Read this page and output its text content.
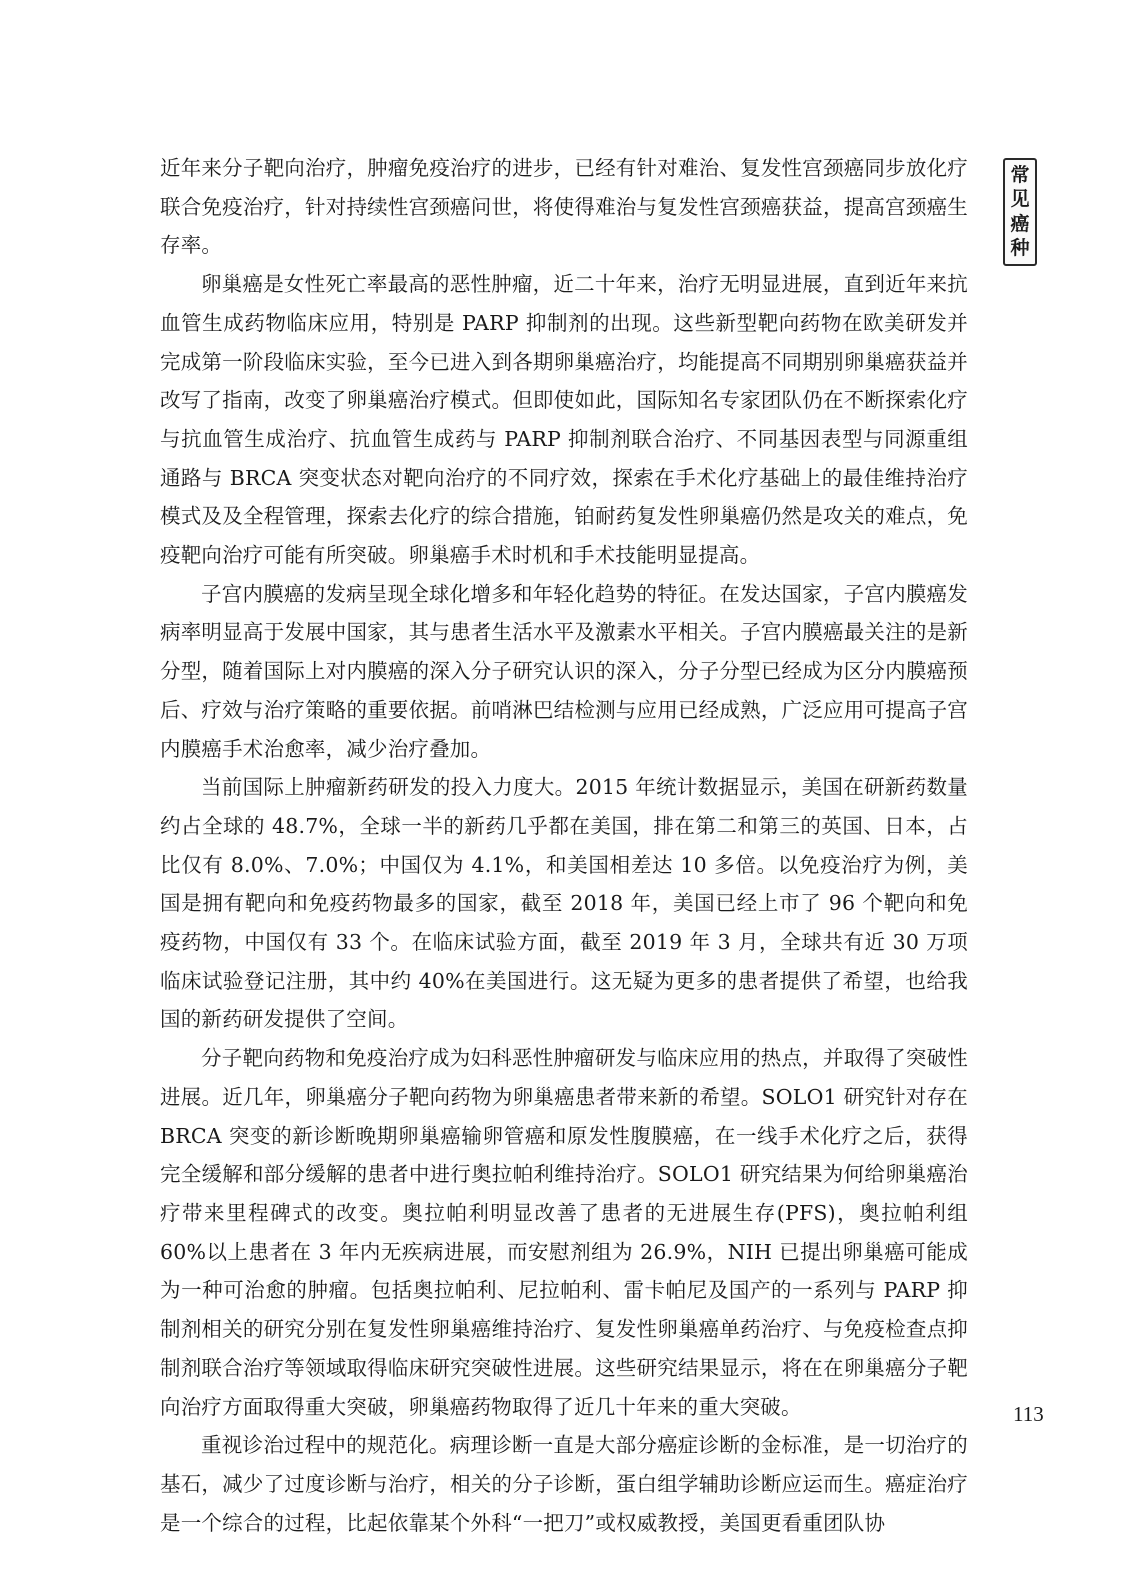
近年来分子靶向治疗，肿瘤免疫治疗的进步，已经有针对难治、复发性宫颈癌同步放化疗联合免疫治疗，针对持续性宫颈癌问世，将使得难治与复发性宫颈癌获益，提高宫颈癌生存率。

卵巢癌是女性死亡率最高的恶性肿瘤，近二十年来，治疗无明显进展，直到近年来抗血管生成药物临床应用，特别是 PARP 抑制剂的出现。这些新型靶向药物在欧美研发并完成第一阶段临床实验，至今已进入到各期卵巢癌治疗，均能提高不同期别卵巢癌获益并改写了指南，改变了卵巢癌治疗模式。但即使如此，国际知名专家团队仍在不断探索化疗与抗血管生成治疗、抗血管生成药与 PARP 抑制剂联合治疗、不同基因表型与同源重组通路与 BRCA 突变状态对靶向治疗的不同疗效，探索在手术化疗基础上的最佳维持治疗模式及及全程管理，探索去化疗的综合措施，铂耐药复发性卵巢癌仍然是攻关的难点，免疫靶向治疗可能有所突破。卵巢癌手术时机和手术技能明显提高。

子宫内膜癌的发病呈现全球化增多和年轻化趋势的特征。在发达国家，子宫内膜癌发病率明显高于发展中国家，其与患者生活水平及激素水平相关。子宫内膜癌最关注的是新分型，随着国际上对内膜癌的深入分子研究认识的深入，分子分型已经成为区分内膜癌预后、疗效与治疗策略的重要依据。前哨淋巴结检测与应用已经成熟，广泛应用可提高子宫内膜癌手术治愈率，减少治疗叠加。

当前国际上肿瘤新药研发的投入力度大。2015 年统计数据显示，美国在研新药数量约占全球的 48.7%，全球一半的新药几乎都在美国，排在第二和第三的英国、日本，占比仅有 8.0%、7.0%；中国仅为 4.1%，和美国相差达 10 多倍。以免疫治疗为例，美国是拥有靶向和免疫药物最多的国家，截至 2018 年，美国已经上市了 96 个靶向和免疫药物，中国仅有 33 个。在临床试验方面，截至 2019 年 3 月，全球共有近 30 万项临床试验登记注册，其中约 40%在美国进行。这无疑为更多的患者提供了希望，也给我国的新药研发提供了空间。

分子靶向药物和免疫治疗成为妇科恶性肿瘤研发与临床应用的热点，并取得了突破性进展。近几年，卵巢癌分子靶向药物为卵巢癌患者带来新的希望。SOLO1 研究针对存在 BRCA 突变的新诊断晚期卵巢癌输卵管癌和原发性腹膜癌，在一线手术化疗之后，获得完全缓解和部分缓解的患者中进行奥拉帕利维持治疗。SOLO1 研究结果为何给卵巢癌治疗带来里程碑式的改变。奥拉帕利明显改善了患者的无进展生存(PFS)，奥拉帕利组 60%以上患者在 3 年内无疾病进展，而安慰剂组为 26.9%，NIH 已提出卵巢癌可能成为一种可治愈的肿瘤。包括奥拉帕利、尼拉帕利、雷卡帕尼及国产的一系列与 PARP 抑制剂相关的研究分别在复发性卵巢癌维持治疗、复发性卵巢癌单药治疗、与免疫检查点抑制剂联合治疗等领域取得临床研究突破性进展。这些研究结果显示，将在在卵巢癌分子靶向治疗方面取得重大突破，卵巢癌药物取得了近几十年来的重大突破。

重视诊治过程中的规范化。病理诊断一直是大部分癌症诊断的金标准，是一切治疗的基石，减少了过度诊断与治疗，相关的分子诊断，蛋白组学辅助诊断应运而生。癌症治疗是一个综合的过程，比起依靠某个外科“一把刀”或权威教授，美国更看重团队协

常
见
癌
种
113
